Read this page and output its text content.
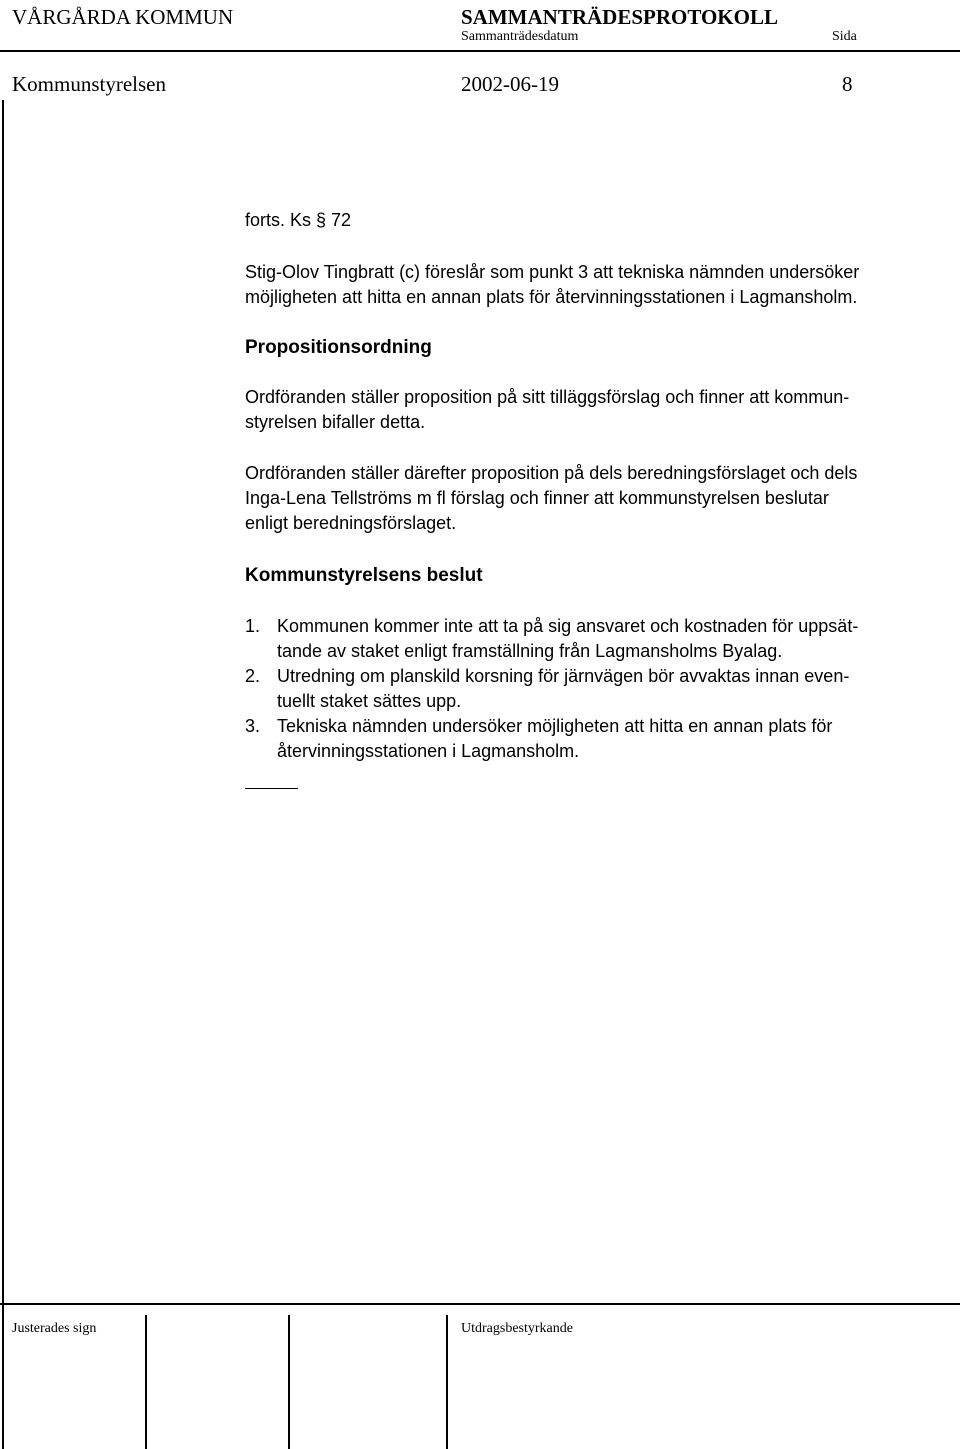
VÅRGÅRDA KOMMUN	SAMMANTRÄDESPROTOKOLL
Sammanträdesdatum	Sida
Kommunstyrelsen	2002-06-19	8
forts. Ks § 72

Stig-Olov Tingbratt (c) föreslår som punkt 3 att tekniska nämnden undersöker

möjligheten att hitta en annan plats för återvinningsstationen i Lagmansholm.

Propositionsordning

Ordföranden ställer proposition på sitt tilläggsförslag och finner att kommun-

styrelsen bifaller detta.

Ordföranden ställer därefter proposition på dels beredningsförslaget och dels

Inga-Lena Tellströms m fl förslag och finner att kommunstyrelsen beslutar

enligt beredningsförslaget.

Kommunstyrelsens beslut
1. Kommunen kommer inte att ta på sig ansvaret och kostnaden för uppsät-
tande av staket enligt framställning från Lagmansholms Byalag.
2. Utredning om planskild korsning för järnvägen bör avvaktas innan even-
tuellt staket sättes upp.
3. Tekniska nämnden undersöker möjligheten att hitta en annan plats för
återvinningsstationen i Lagmansholm.
Justerades sign	Utdragsbestyrkande
